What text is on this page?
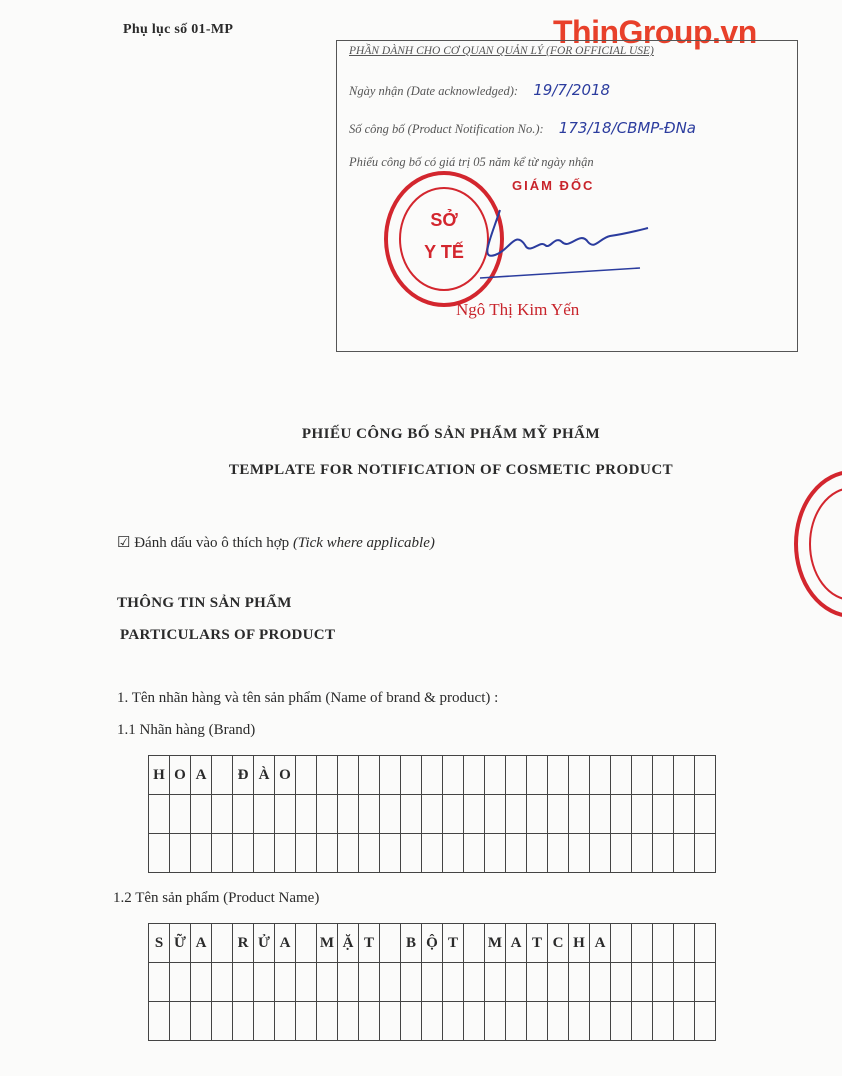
Phụ lục số 01-MP	ThinGroup.vn
PHẦN DÀNH CHO CƠ QUAN QUẢN LÝ (FOR OFFICIAL USE)
Ngày nhận (Date acknowledged): 19/7/2018
Số công bố (Product Notification No.): 173/18/CBMP-ĐNa
Phiếu công bố có giá trị 05 năm kể từ ngày nhận
GIÁM ĐỐC
SỞ
Y TẾ
Ngô Thị Kim Yến
PHIẾU CÔNG BỐ SẢN PHẨM MỸ PHẨM
TEMPLATE FOR NOTIFICATION OF COSMETIC PRODUCT
☑ Đánh dấu vào ô thích hợp (Tick where applicable)
THÔNG TIN SẢN PHẨM
PARTICULARS OF PRODUCT
1. Tên nhãn hàng và tên sản phẩm (Name of brand & product) :
1.1 Nhãn hàng (Brand)
H	O	A		Đ	À	O																				

1.2 Tên sản phẩm (Product Name)
S	Ữ	A		R	Ử	A		M	Ặ	T		B	Ộ	T		M	A	T	C	H	A					
